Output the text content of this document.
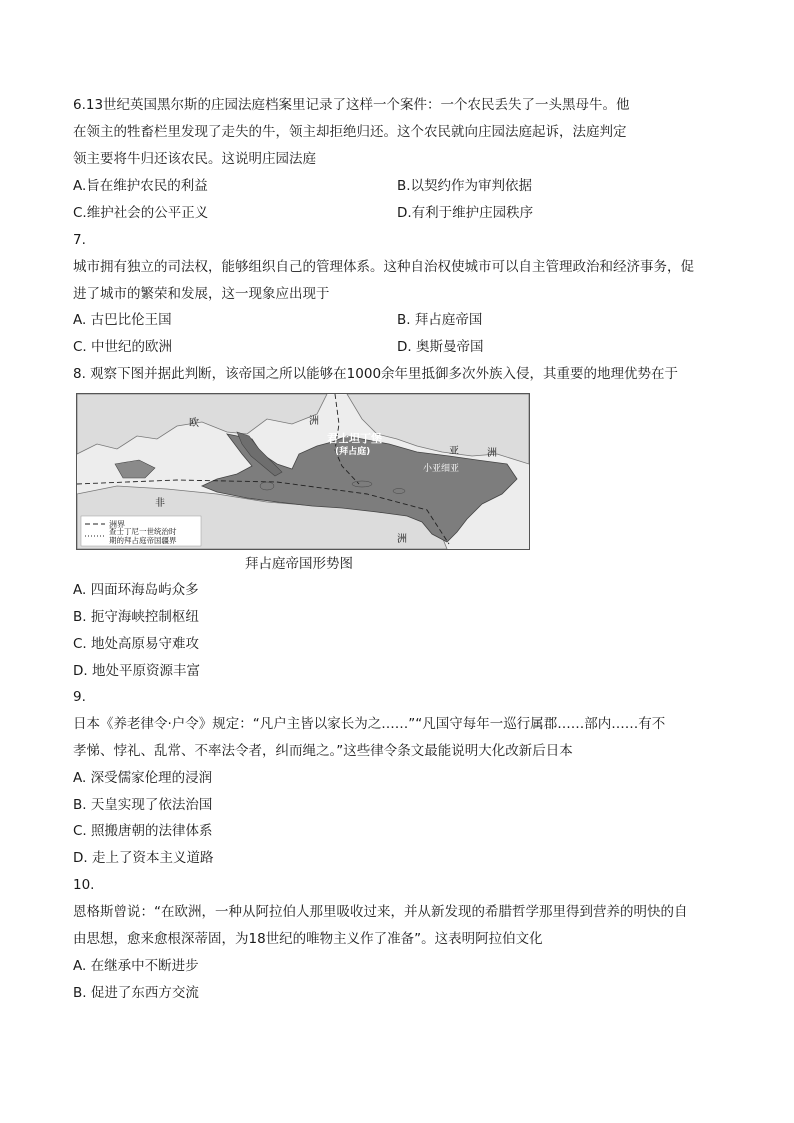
6.13世纪英国黑尔斯的庄园法庭档案里记录了这样一个案件：一个农民丢失了一头黑母牛。他
在领主的牲畜栏里发现了走失的牛，领主却拒绝归还。这个农民就向庄园法庭起诉，法庭判定
领主要将牛归还该农民。这说明庄园法庭
A.旨在维护农民的利益	B.以契约作为审判依据
C.维护社会的公平正义	D.有利于维护庄园秩序
7.
城市拥有独立的司法权，能够组织自己的管理体系。这种自治权使城市可以自主管理政治和经济事务，促
进了城市的繁荣和发展，这一现象应出现于
A. 古巴比伦王国	B. 拜占庭帝国
C. 中世纪的欧洲	D. 奥斯曼帝国
8. 观察下图并据此判断，该帝国之所以能够在1000余年里抵御多次外族入侵，其重要的地理优势在于
欧	洲
君士坦丁堡
(拜占庭)	亚	洲
小亚细亚
非
洲
洲界
查士丁尼一世统治时
期的拜占庭帝国疆界
拜占庭帝国形势图
A. 四面环海岛屿众多
B. 扼守海峡控制枢纽
C. 地处高原易守难攻
D. 地处平原资源丰富
9.
日本《养老律令·户令》规定：“凡户主皆以家长为之……”“凡国守每年一巡行属郡……部内……有不
孝悌、悖礼、乱常、不率法令者，纠而绳之。”这些律令条文最能说明大化改新后日本
A. 深受儒家伦理的浸润
B. 天皇实现了依法治国
C. 照搬唐朝的法律体系
D. 走上了资本主义道路
10.
恩格斯曾说：“在欧洲，一种从阿拉伯人那里吸收过来，并从新发现的希腊哲学那里得到营养的明快的自
由思想，愈来愈根深蒂固，为18世纪的唯物主义作了准备”。这表明阿拉伯文化
A. 在继承中不断进步
B. 促进了东西方交流
